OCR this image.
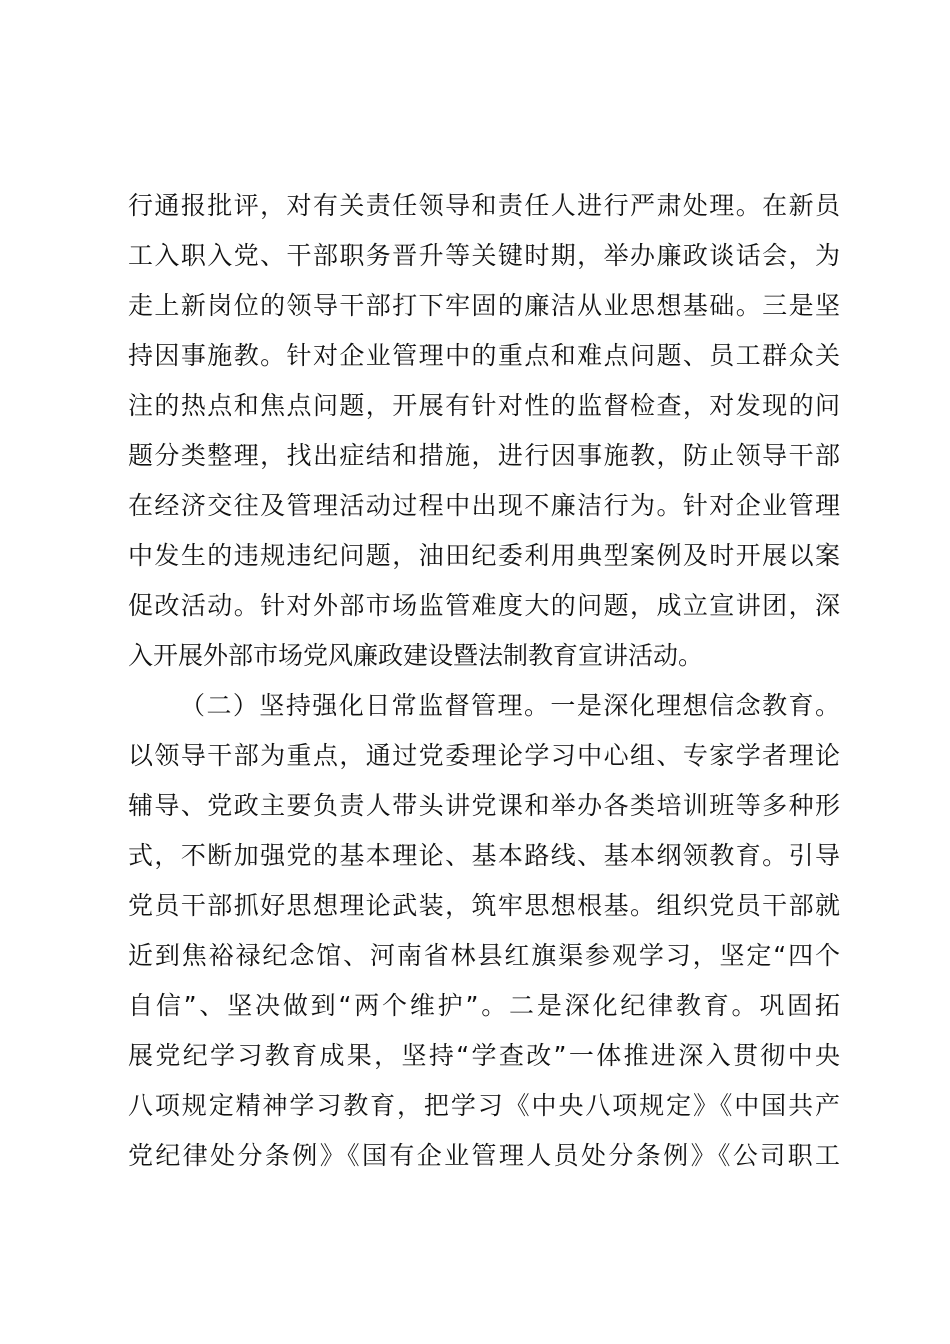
行通报批评，对有关责任领导和责任人进行严肃处理。在新员
工入职入党、干部职务晋升等关键时期，举办廉政谈话会，为
走上新岗位的领导干部打下牢固的廉洁从业思想基础。三是坚
持因事施教。针对企业管理中的重点和难点问题、员工群众关
注的热点和焦点问题，开展有针对性的监督检查，对发现的问
题分类整理，找出症结和措施，进行因事施教，防止领导干部
在经济交往及管理活动过程中出现不廉洁行为。针对企业管理
中发生的违规违纪问题，油田纪委利用典型案例及时开展以案
促改活动。针对外部市场监管难度大的问题，成立宣讲团，深
入开展外部市场党风廉政建设暨法制教育宣讲活动。
（二）坚持强化日常监督管理。一是深化理想信念教育。
以领导干部为重点，通过党委理论学习中心组、专家学者理论
辅导、党政主要负责人带头讲党课和举办各类培训班等多种形
式，不断加强党的基本理论、基本路线、基本纲领教育。引导
党员干部抓好思想理论武装，筑牢思想根基。组织党员干部就
近到焦裕禄纪念馆、河南省林县红旗渠参观学习，坚定“四个
自信”、坚决做到“两个维护”。二是深化纪律教育。巩固拓
展党纪学习教育成果，坚持“学查改”一体推进深入贯彻中央
八项规定精神学习教育，把学习《中央八项规定》《中国共产
党纪律处分条例》《国有企业管理人员处分条例》《公司职工
